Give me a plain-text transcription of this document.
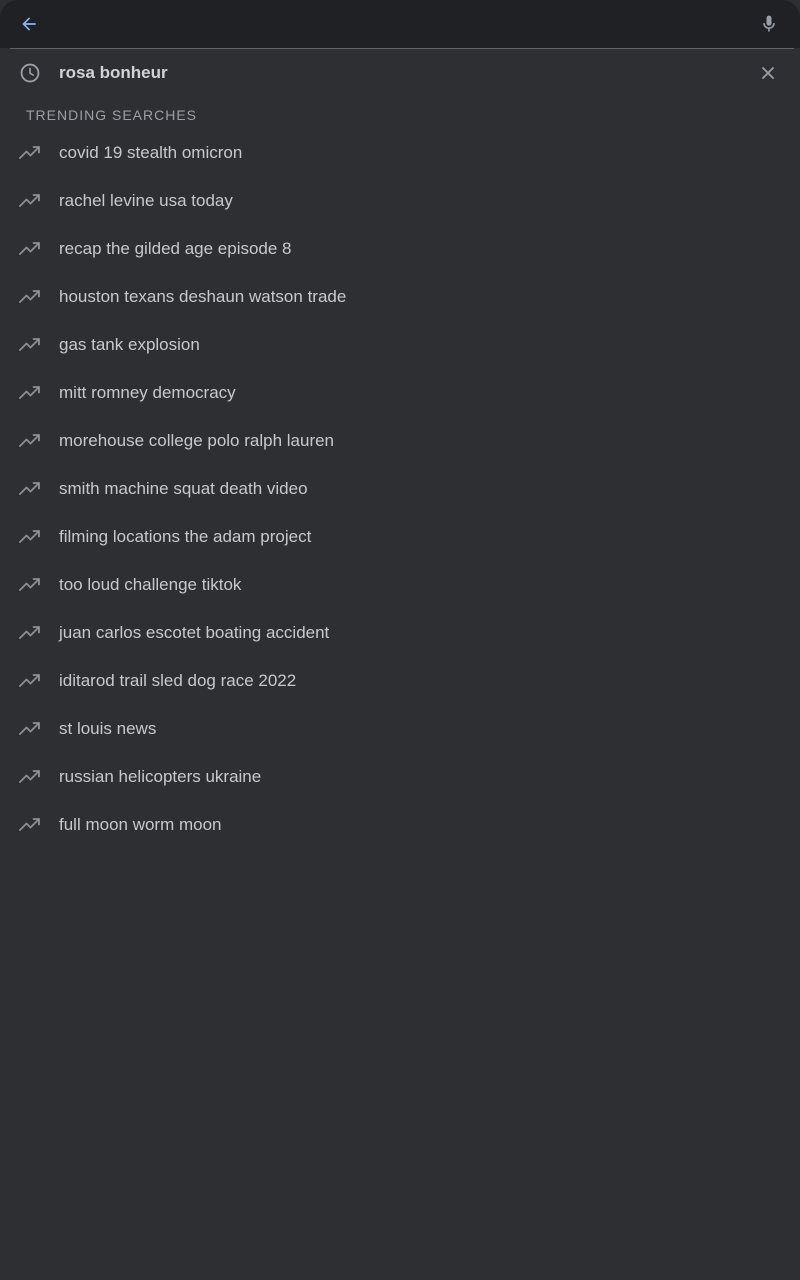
rosa bonheur
TRENDING SEARCHES
covid 19 stealth omicron
rachel levine usa today
recap the gilded age episode 8
houston texans deshaun watson trade
gas tank explosion
mitt romney democracy
morehouse college polo ralph lauren
smith machine squat death video
filming locations the adam project
too loud challenge tiktok
juan carlos escotet boating accident
iditarod trail sled dog race 2022
st louis news
russian helicopters ukraine
full moon worm moon
